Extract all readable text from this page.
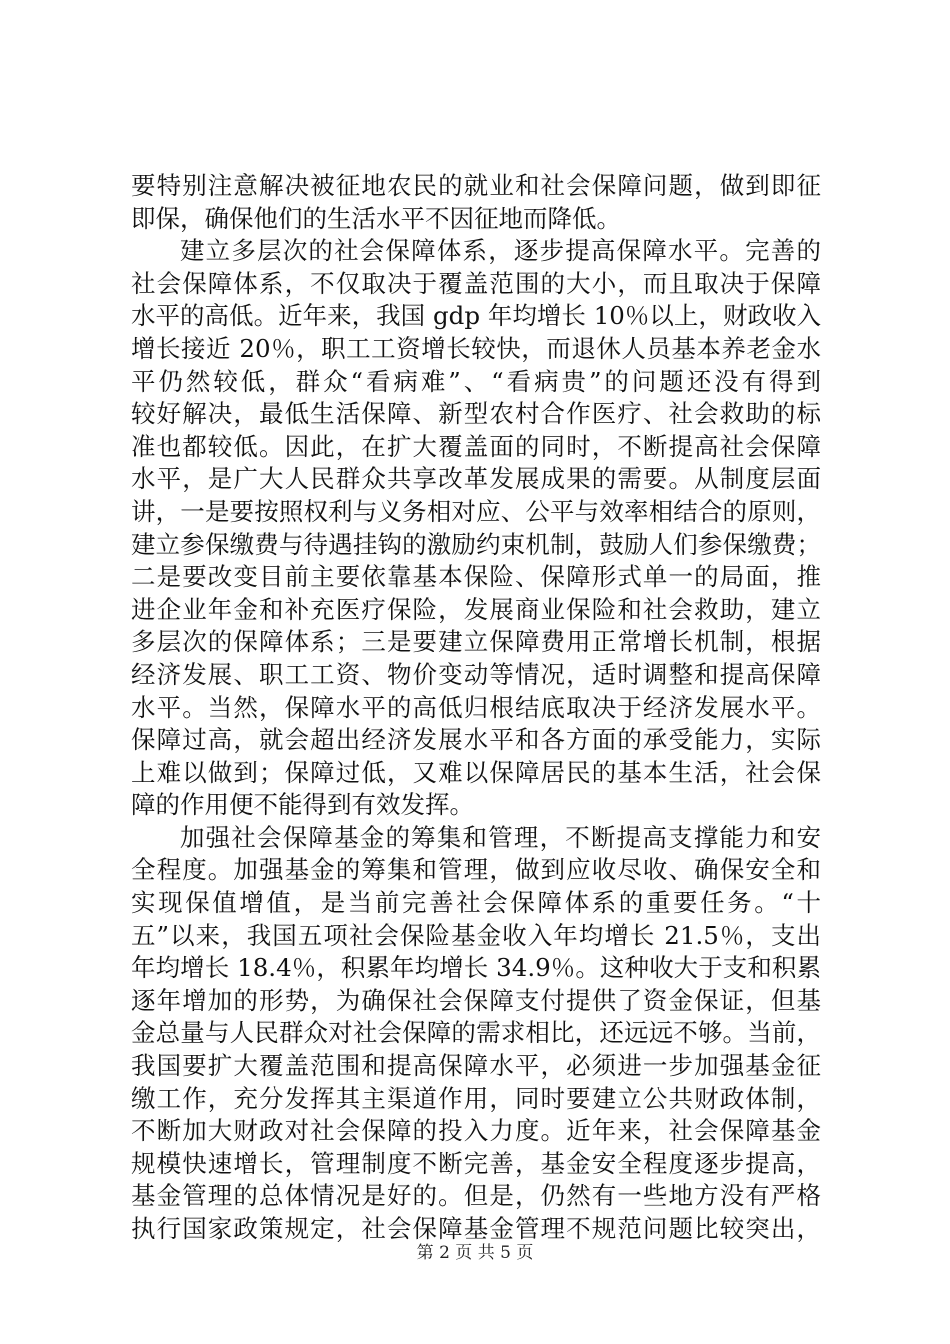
要特别注意解决被征地农民的就业和社会保障问题，做到即征
即保，确保他们的生活水平不因征地而降低。
建立多层次的社会保障体系，逐步提高保障水平。完善的
社会保障体系，不仅取决于覆盖范围的大小，而且取决于保障
水平的高低。近年来，我国 gdp 年均增长 10％以上，财政收入
增长接近 20％，职工工资增长较快，而退休人员基本养老金水
平仍然较低，群众“看病难”、“看病贵”的问题还没有得到
较好解决，最低生活保障、新型农村合作医疗、社会救助的标
准也都较低。因此，在扩大覆盖面的同时，不断提高社会保障
水平，是广大人民群众共享改革发展成果的需要。从制度层面
讲，一是要按照权利与义务相对应、公平与效率相结合的原则，
建立参保缴费与待遇挂钩的激励约束机制，鼓励人们参保缴费；
二是要改变目前主要依靠基本保险、保障形式单一的局面，推
进企业年金和补充医疗保险，发展商业保险和社会救助，建立
多层次的保障体系；三是要建立保障费用正常增长机制，根据
经济发展、职工工资、物价变动等情况，适时调整和提高保障
水平。当然，保障水平的高低归根结底取决于经济发展水平。
保障过高，就会超出经济发展水平和各方面的承受能力，实际
上难以做到；保障过低，又难以保障居民的基本生活，社会保
障的作用便不能得到有效发挥。
加强社会保障基金的筹集和管理，不断提高支撑能力和安
全程度。加强基金的筹集和管理，做到应收尽收、确保安全和
实现保值增值，是当前完善社会保障体系的重要任务。“十
五”以来，我国五项社会保险基金收入年均增长 21.5％，支出
年均增长 18.4％，积累年均增长 34.9％。这种收大于支和积累
逐年增加的形势，为确保社会保障支付提供了资金保证，但基
金总量与人民群众对社会保障的需求相比，还远远不够。当前，
我国要扩大覆盖范围和提高保障水平，必须进一步加强基金征
缴工作，充分发挥其主渠道作用，同时要建立公共财政体制，
不断加大财政对社会保障的投入力度。近年来，社会保障基金
规模快速增长，管理制度不断完善，基金安全程度逐步提高，
基金管理的总体情况是好的。但是，仍然有一些地方没有严格
执行国家政策规定，社会保障基金管理不规范问题比较突出，
第 2 页 共 5 页
